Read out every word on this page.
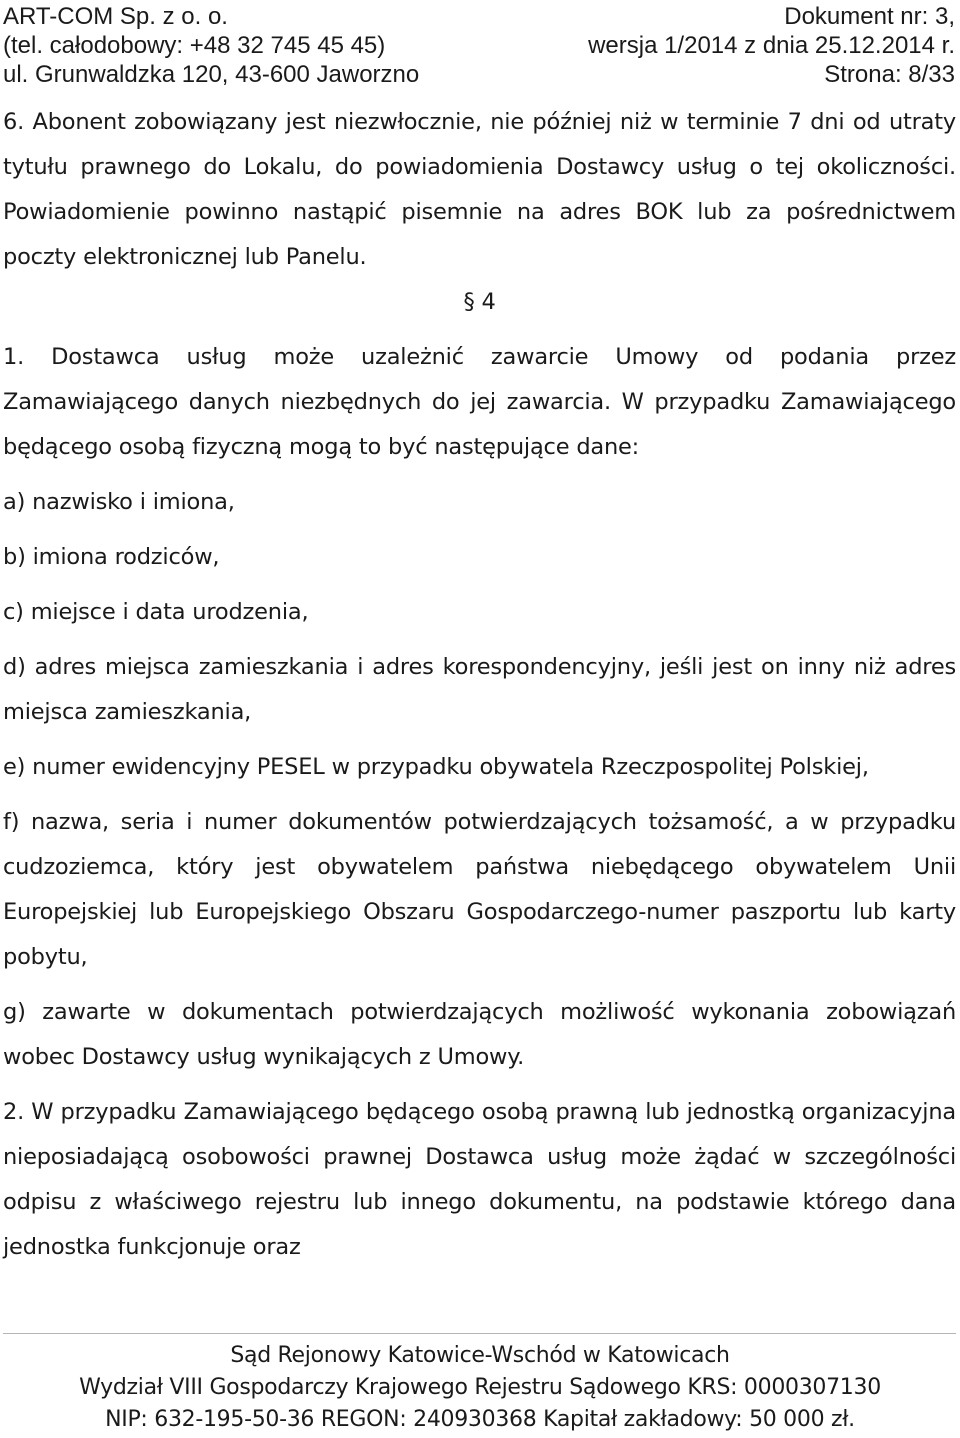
ART-COM Sp. z o. o.	Dokument nr: 3,
(tel. całodobowy: +48 32 745 45 45)	wersja 1/2014 z dnia 25.12.2014 r.
ul. Grunwaldzka 120, 43-600 Jaworzno	Strona: 8/33

6. Abonent zobowiązany jest niezwłocznie, nie później niż w terminie 7 dni od utraty tytułu prawnego do Lokalu, do powiadomienia Dostawcy usług o tej okoliczności. Powiadomienie powinno nastąpić pisemnie na adres BOK lub za pośrednictwem poczty elektronicznej lub Panelu.

§ 4

1. Dostawca usług może uzależnić zawarcie Umowy od podania przez Zamawiającego danych niezbędnych do jej zawarcia. W przypadku Zamawiającego będącego osobą fizyczną mogą to być następujące dane:

a) nazwisko i imiona,

b) imiona rodziców,

c) miejsce i data urodzenia,

d) adres miejsca zamieszkania i adres korespondencyjny, jeśli jest on inny niż adres miejsca zamieszkania,

e) numer ewidencyjny PESEL w przypadku obywatela Rzeczpospolitej Polskiej,

f) nazwa, seria i numer dokumentów potwierdzających tożsamość, a w przypadku cudzoziemca, który jest obywatelem państwa niebędącego obywatelem Unii Europejskiej lub Europejskiego Obszaru Gospodarczego-numer paszportu lub karty pobytu,

g) zawarte w dokumentach potwierdzających możliwość wykonania zobowiązań wobec Dostawcy usług wynikających z Umowy.

2. W przypadku Zamawiającego będącego osobą prawną lub jednostką organizacyjna nieposiadającą osobowości prawnej Dostawca usług może żądać w szczególności odpisu z właściwego rejestru lub innego dokumentu, na podstawie którego dana jednostka funkcjonuje oraz

Sąd Rejonowy Katowice-Wschód w Katowicach
Wydział VIII Gospodarczy Krajowego Rejestru Sądowego KRS: 0000307130
NIP: 632-195-50-36 REGON: 240930368 Kapitał zakładowy: 50 000 zł.
